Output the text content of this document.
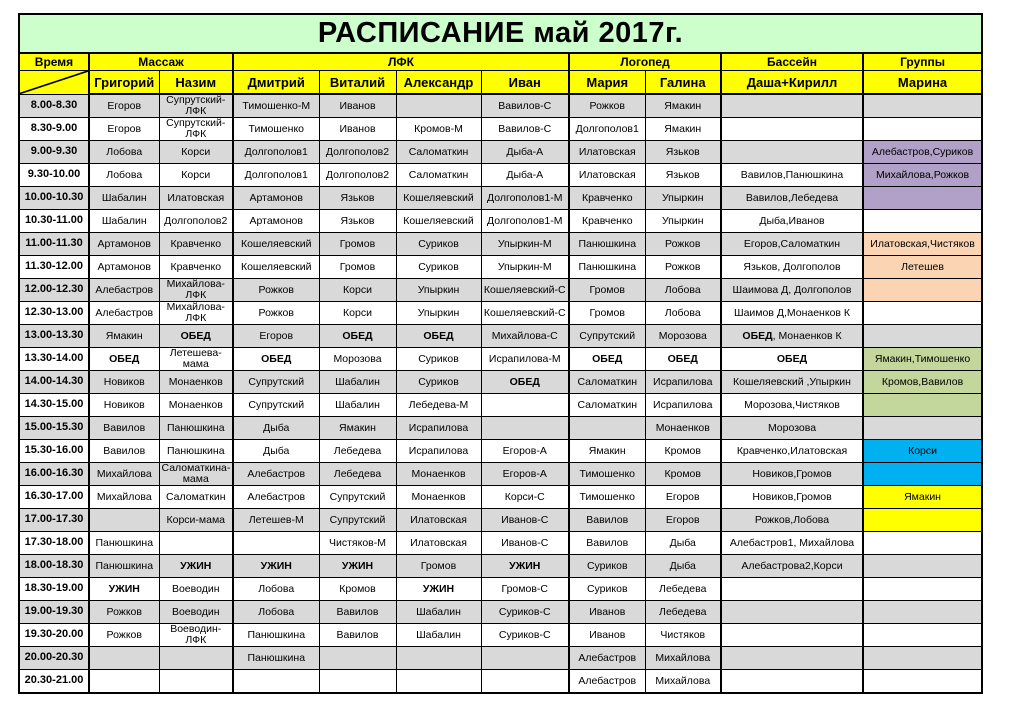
РАСПИСАНИЕ май 2017г.										
Время	Массаж		ЛФК				Логопед		Бассейн	Группы

	Григорий	Назим	Дмитрий	Виталий	Александр	Иван	Мария	Галина	Даша+Кирилл	Марина
8.00-8.30	Егоров	Супрутский-ЛФК	Тимошенко-М	Иванов		Вавилов-С	Рожков	Ямакин		
8.30-9.00	Егоров	Супрутский-ЛФК	Тимошенко	Иванов	Кромов-М	Вавилов-С	Долгополов1	Ямакин		
9.00-9.30	Лобова	Корси	Долгополов1	Долгополов2	Саломаткин	Дыба-А	Илатовская	Язьков		Алебастров,Суриков
9.30-10.00	Лобова	Корси	Долгополов1	Долгополов2	Саломаткин	Дыба-А	Илатовская	Язьков	Вавилов,Панюшкина	Михайлова,Рожков
10.00-10.30	Шабалин	Илатовская	Артамонов	Язьков	Кошеляевский	Долгополов1-М	Кравченко	Упыркин	Вавилов,Лебедева	
10.30-11.00	Шабалин	Долгополов2	Артамонов	Язьков	Кошеляевский	Долгополов1-М	Кравченко	Упыркин	Дыба,Иванов	
11.00-11.30	Артамонов	Кравченко	Кошеляевский	Громов	Суриков	Упыркин-М	Панюшкина	Рожков	Егоров,Саломаткин	Илатовская,Чистяков
11.30-12.00	Артамонов	Кравченко	Кошеляевский	Громов	Суриков	Упыркин-М	Панюшкина	Рожков	Язьков, Долгополов	Летешев
12.00-12.30	Алебастров	Михайлова-ЛФК	Рожков	Корси	Упыркин	Кошеляевский-С	Громов	Лобова	Шаимова Д, Долгополов	
12.30-13.00	Алебастров	Михайлова-ЛФК	Рожков	Корси	Упыркин	Кошеляевский-С	Громов	Лобова	Шаимов Д,Монаенков К	
13.00-13.30	Ямакин	ОБЕД	Егоров	ОБЕД	ОБЕД	Михайлова-С	Супрутский	Морозова	ОБЕД, Монаенков К	
13.30-14.00	ОБЕД	Летешева-мама	ОБЕД	Морозова	Суриков	Исрапилова-М	ОБЕД	ОБЕД	ОБЕД	Ямакин,Тимошенко
14.00-14.30	Новиков	Монаенков	Супрутский	Шабалин	Суриков	ОБЕД	Саломаткин	Исрапилова	Кошеляевский ,Упыркин	Кромов,Вавилов
14.30-15.00	Новиков	Монаенков	Супрутский	Шабалин	Лебедева-М		Саломаткин	Исрапилова	Морозова,Чистяков	
15.00-15.30	Вавилов	Панюшкина	Дыба	Ямакин	Исрапилова			Монаенков	Морозова	
15.30-16.00	Вавилов	Панюшкина	Дыба	Лебедева	Исрапилова	Егоров-А	Ямакин	Кромов	Кравченко,Илатовская	Корси
16.00-16.30	Михайлова	Саломаткина-мама	Алебастров	Лебедева	Монаенков	Егоров-А	Тимошенко	Кромов	Новиков,Громов	
16.30-17.00	Михайлова	Саломаткин	Алебастров	Супрутский	Монаенков	Корси-С	Тимошенко	Егоров	Новиков,Громов	Ямакин
17.00-17.30		Корси-мама	Летешев-М	Супрутский	Илатовская	Иванов-С	Вавилов	Егоров	Рожков,Лобова	
17.30-18.00	Панюшкина			Чистяков-М	Илатовская	Иванов-С	Вавилов	Дыба	Алебастров1, Михайлова	
18.00-18.30	Панюшкина	УЖИН	УЖИН	УЖИН	Громов	УЖИН	Суриков	Дыба	Алебастрова2,Корси	
18.30-19.00	УЖИН	Воеводин	Лобова	Кромов	УЖИН	Громов-С	Суриков	Лебедева		
19.00-19.30	Рожков	Воеводин	Лобова	Вавилов	Шабалин	Суриков-С	Иванов	Лебедева		
19.30-20.00	Рожков	Воеводин-ЛФК	Панюшкина	Вавилов	Шабалин	Суриков-С	Иванов	Чистяков		
20.00-20.30			Панюшкина				Алебастров	Михайлова		
20.30-21.00							Алебастров	Михайлова		
